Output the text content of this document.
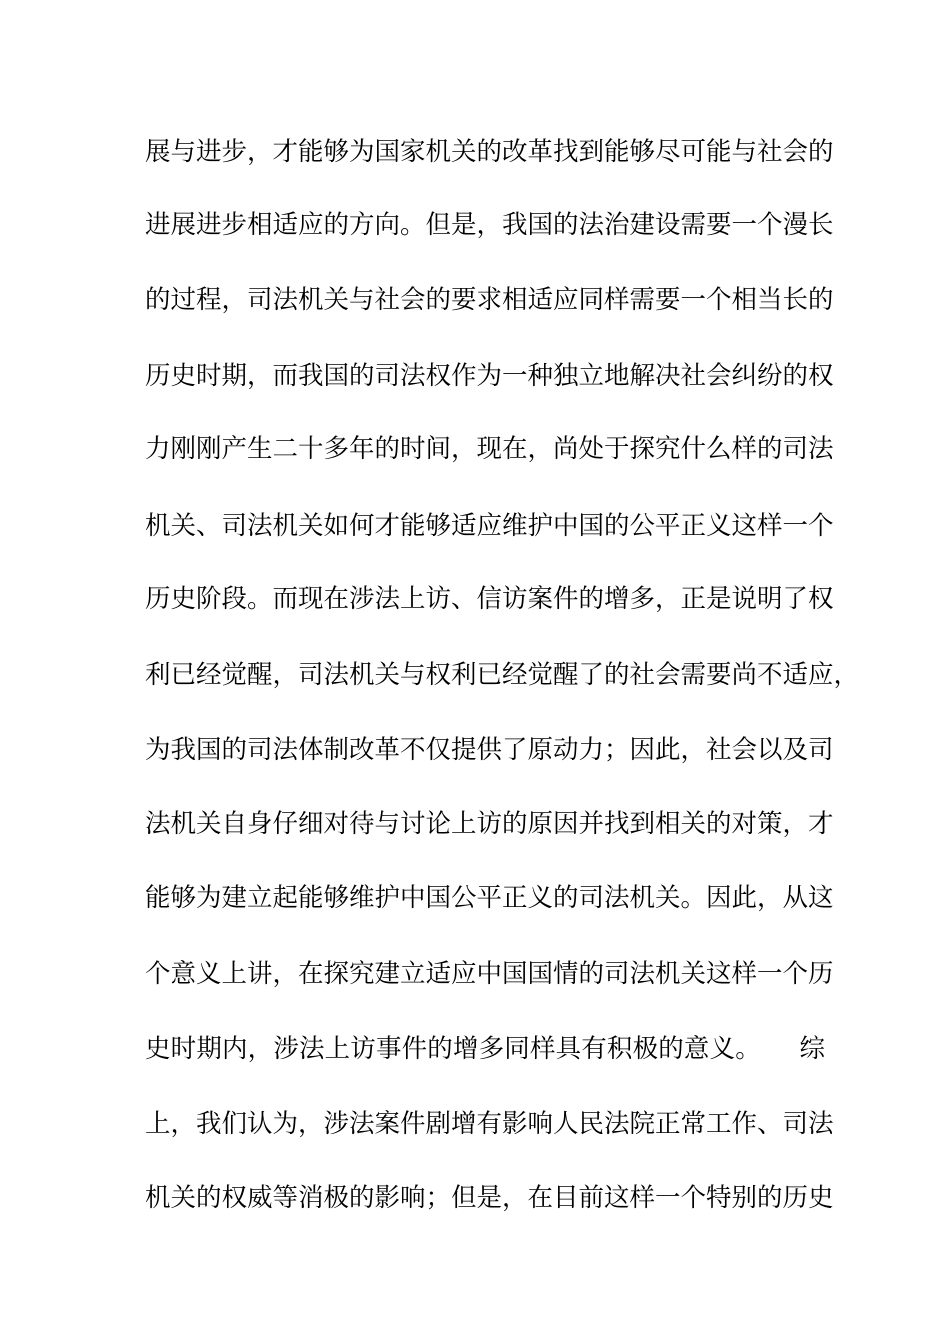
展与进步，才能够为国家机关的改革找到能够尽可能与社会的
进展进步相适应的方向。但是，我国的法治建设需要一个漫长
的过程，司法机关与社会的要求相适应同样需要一个相当长的
历史时期，而我国的司法权作为一种独立地解决社会纠纷的权
力刚刚产生二十多年的时间，现在，尚处于探究什么样的司法
机关、司法机关如何才能够适应维护中国的公平正义这样一个
历史阶段。而现在涉法上访、信访案件的增多，正是说明了权
利已经觉醒，司法机关与权利已经觉醒了的社会需要尚不适应，
为我国的司法体制改革不仅提供了原动力；因此，社会以及司
法机关自身仔细对待与讨论上访的原因并找到相关的对策，才
能够为建立起能够维护中国公平正义的司法机关。因此，从这
个意义上讲，在探究建立适应中国国情的司法机关这样一个历
史时期内，涉法上访事件的增多同样具有积极的意义。　　综
上，我们认为，涉法案件剧增有影响人民法院正常工作、司法
机关的权威等消极的影响；但是，在目前这样一个特别的历史
